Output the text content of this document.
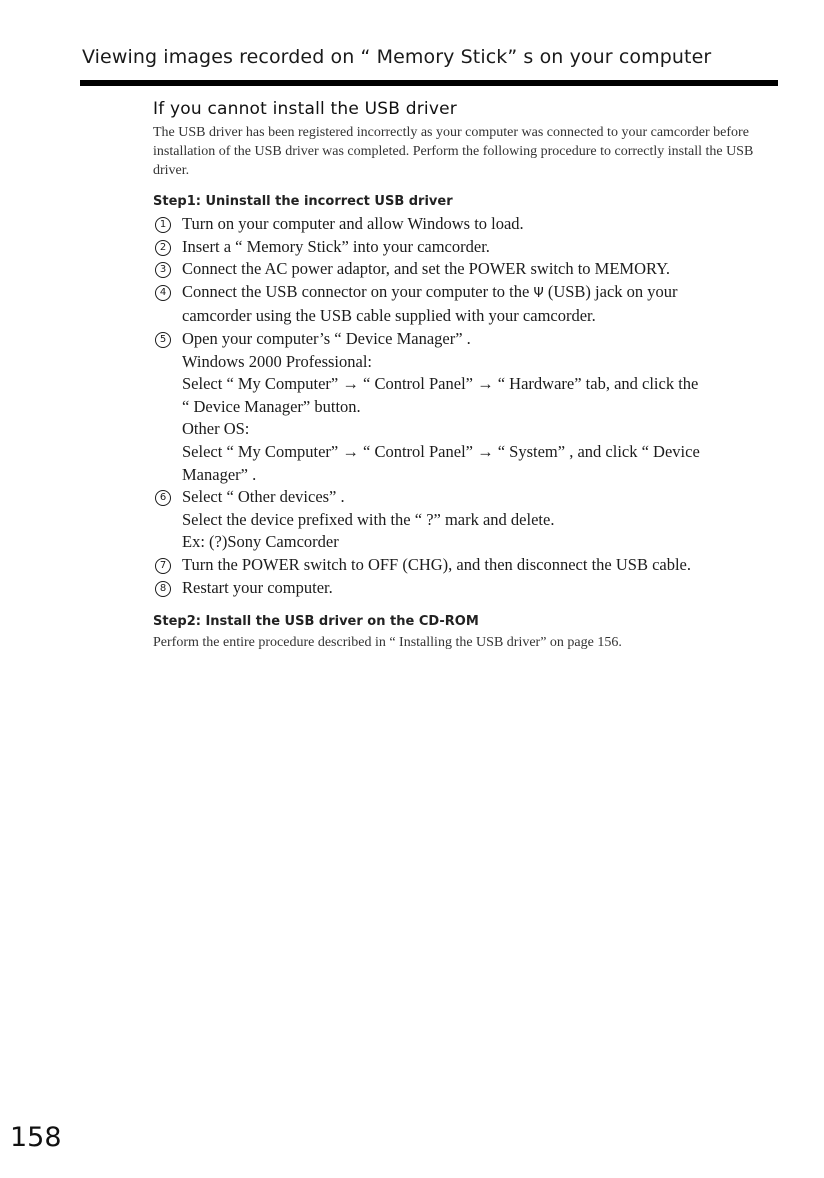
Viewing images recorded on “ Memory Stick” s on your computer
If you cannot install the USB driver

The USB driver has been registered incorrectly as your computer was connected to your camcorder before installation of the USB driver was completed. Perform the following procedure to correctly install the USB driver.

Step1: Uninstall the incorrect USB driver
1 Turn on your computer and allow Windows to load.
2 Insert a “ Memory Stick” into your camcorder.
3 Connect the AC power adaptor, and set the POWER switch to MEMORY.
4 Connect the USB connector on your computer to the Ψ (USB) jack on your
camcorder using the USB cable supplied with your camcorder.
5 Open your computer’s “ Device Manager” .
Windows 2000 Professional:
Select “ My Computer” → “ Control Panel” → “ Hardware” tab, and click the
“ Device Manager” button.
Other OS:
Select “ My Computer” → “ Control Panel” → “ System” , and click “ Device
Manager” .
6 Select “ Other devices” .
Select the device prefixed with the “ ?” mark and delete.
Ex: (?)Sony Camcorder
7 Turn the POWER switch to OFF (CHG), and then disconnect the USB cable.
8 Restart your computer.
Step2: Install the USB driver on the CD-ROM

Perform the entire procedure described in “ Installing the USB driver” on page 156.

158
